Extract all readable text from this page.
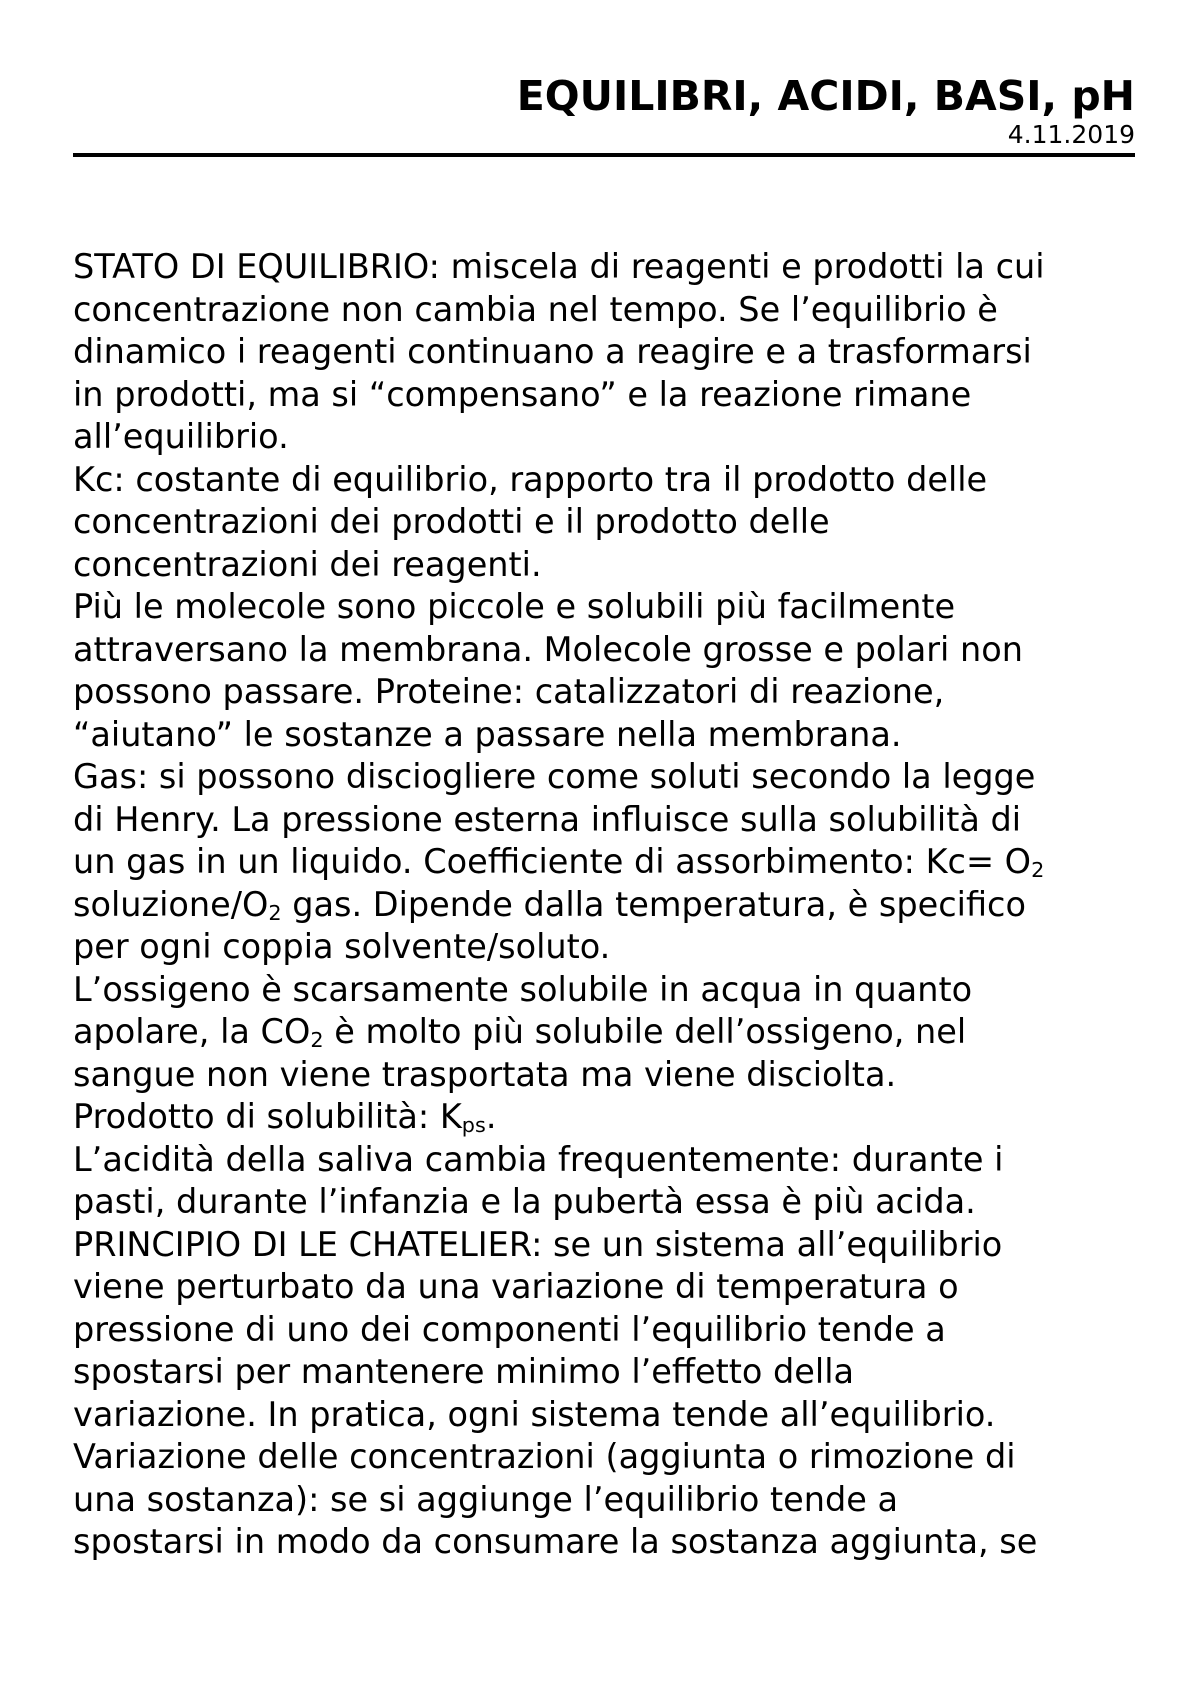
EQUILIBRI, ACIDI, BASI, pH

4.11.2019

STATO DI EQUILIBRIO: miscela di reagenti e prodotti la cui
concentrazione non cambia nel tempo. Se l’equilibrio è
dinamico i reagenti continuano a reagire e a trasformarsi
in prodotti, ma si “compensano” e la reazione rimane
all’equilibrio.
Kc: costante di equilibrio, rapporto tra il prodotto delle
concentrazioni dei prodotti e il prodotto delle
concentrazioni dei reagenti.
Più le molecole sono piccole e solubili più facilmente
attraversano la membrana. Molecole grosse e polari non
possono passare. Proteine: catalizzatori di reazione,
“aiutano” le sostanze a passare nella membrana.
Gas: si possono disciogliere come soluti secondo la legge
di Henry. La pressione esterna influisce sulla solubilità di
un gas in un liquido. Coefficiente di assorbimento: $Kc= O_2$
soluzione/$O_2$ gas. Dipende dalla temperatura, è specifico
per ogni coppia solvente/soluto.
L’ossigeno è scarsamente solubile in acqua in quanto
apolare, la $CO_2$ è molto più solubile dell’ossigeno, nel
sangue non viene trasportata ma viene disciolta.
Prodotto di solubilità: $K_{ps}$.
L’acidità della saliva cambia frequentemente: durante i
pasti, durante l’infanzia e la pubertà essa è più acida.
PRINCIPIO DI LE CHATELIER: se un sistema all’equilibrio
viene perturbato da una variazione di temperatura o
pressione di uno dei componenti l’equilibrio tende a
spostarsi per mantenere minimo l’effetto della
variazione. In pratica, ogni sistema tende all’equilibrio.
Variazione delle concentrazioni (aggiunta o rimozione di
una sostanza): se si aggiunge l’equilibrio tende a
spostarsi in modo da consumare la sostanza aggiunta, se
